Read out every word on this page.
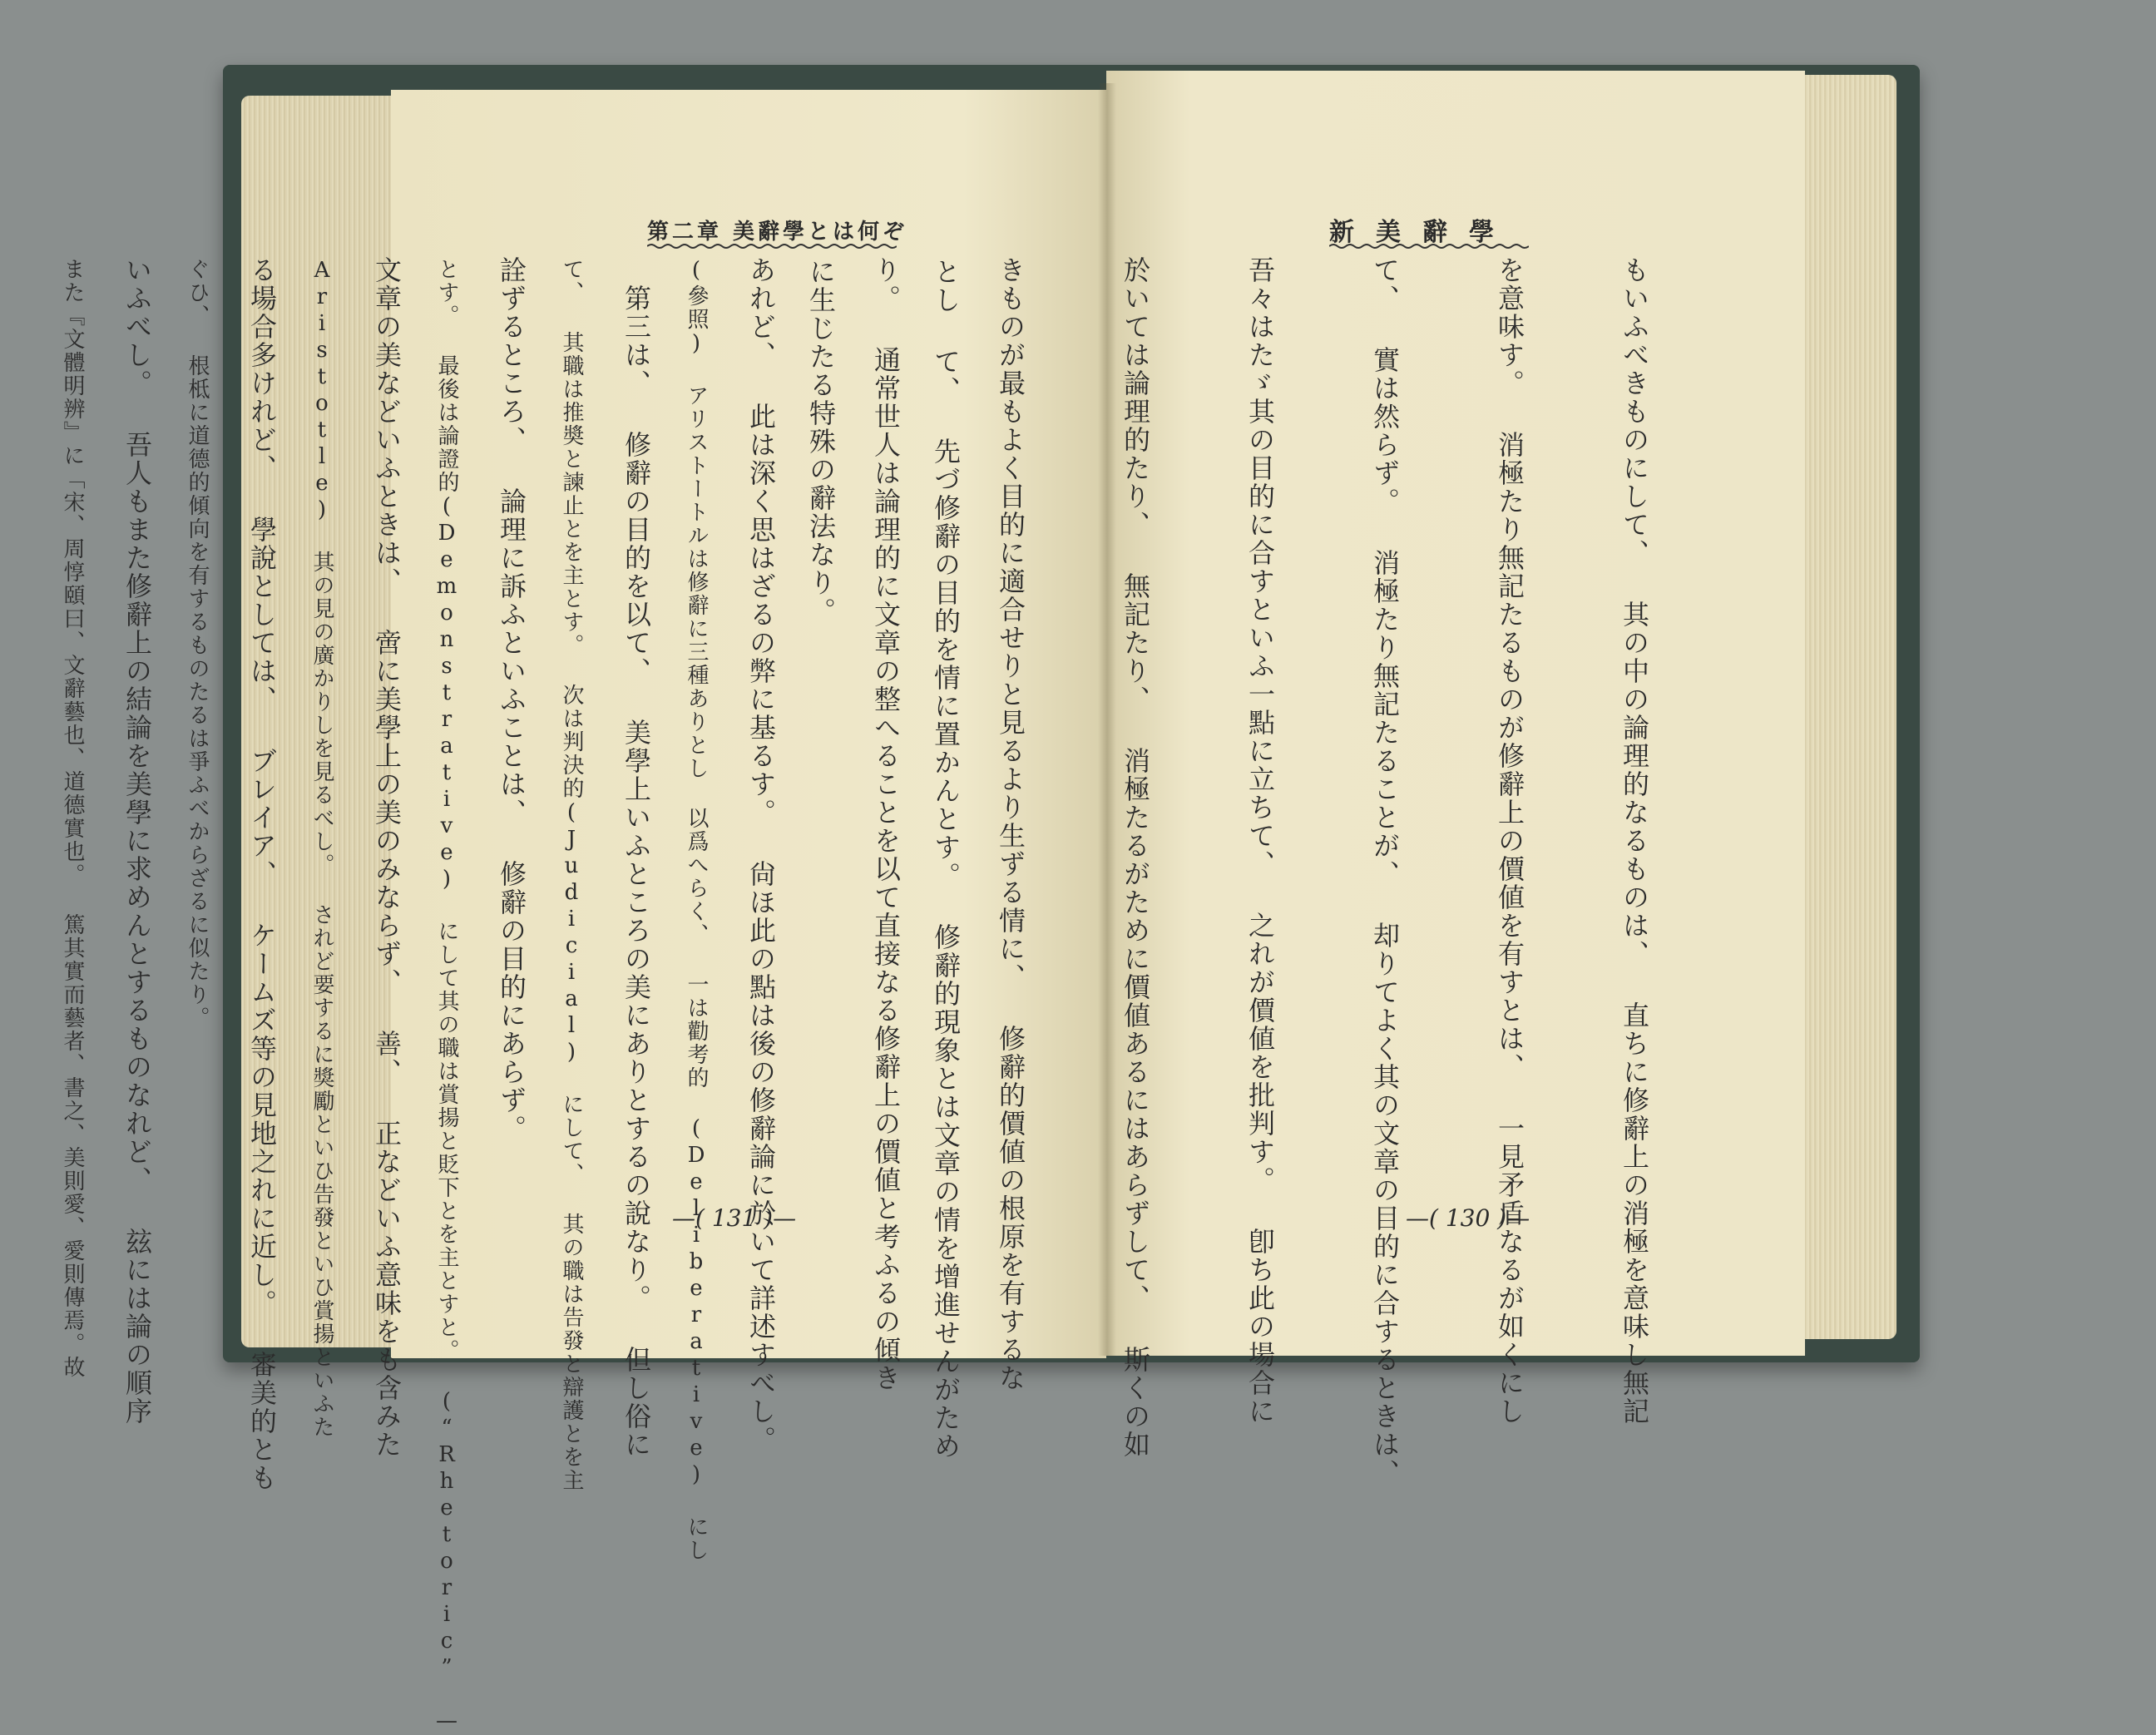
第二章 美辭學とは何ぞ	新美辭學

とし て、 先づ修辭の目的を情に置かんとす。 修辭的現象とは文章の情を增進せんがため

に生じたる特殊の辭法なり。

(參照) アリストートルは修辭に三種ありとし 以爲へらく、 一は勸考的 (Deliberative) にし

て、 其職は推奬と諫止とを主とす。 次は判決的(Judicial) にして、 其の職は告發と辯護とを主

とす。 最後は論證的(Demonstrative) にして其の職は賞揚と貶下とを主とすと。 (“Rhetoric” —

Aristotle) 其の見の廣かりしを見るべし。 されど要するに獎勵といひ告發といひ賞揚といふた

ぐひ、 根柢に道德的傾向を有するものたるは爭ふべからざるに似たり。

また『文體明辨』に「宋、周惇頤曰、文辭藝也、道德實也。 篤其實而藝者、書之、美則愛、愛則傳焉。故

	もいふべきものにして、 其の中の論理的なるものは、 直ちに修辭上の消極を意味し無記

を意味す。 消極たり無記たるものが修辭上の價値を有すとは、 一見矛盾なるが如くにし

て、 實は然らず。 消極たり無記たることが、 却りてよく其の文章の目的に合するときは、

吾々はたゞ其の目的に合すといふ一點に立ちて、 之れが價値を批判す。 卽ち此の場合に

於いては論理的たり、 無記たり、 消極たるがために價値あるにはあらずして、 斯くの如

きものが最もよく目的に適合せりと見るより生ずる情に、 修辭的價値の根原を有するな

り。 通常世人は論理的に文章の整へることを以て直接なる修辭上の價値と考ふるの傾き

あれど、 此は深く思はざるの弊に基るす。 尙ほ此の點は後の修辭論に於いて詳述すべし。

　第三は、 修辭の目的を以て、 美學上いふところの美にありとするの說なり。 但し俗に

詮ずるところ、 論理に訴ふといふことは、 修辭の目的にあらず。

文章の美などいふときは、 啻に美學上の美のみならず、 善、 正などいふ意味をも含みた

る場合多けれど、 學說としては、 ブレイア、 ケームズ等の見地之れに近し。 審美的とも

いふべし。 吾人もまた修辭上の結論を美學に求めんとするものなれど、 玆には論の順序	—( 131 )—	—( 130 )—
